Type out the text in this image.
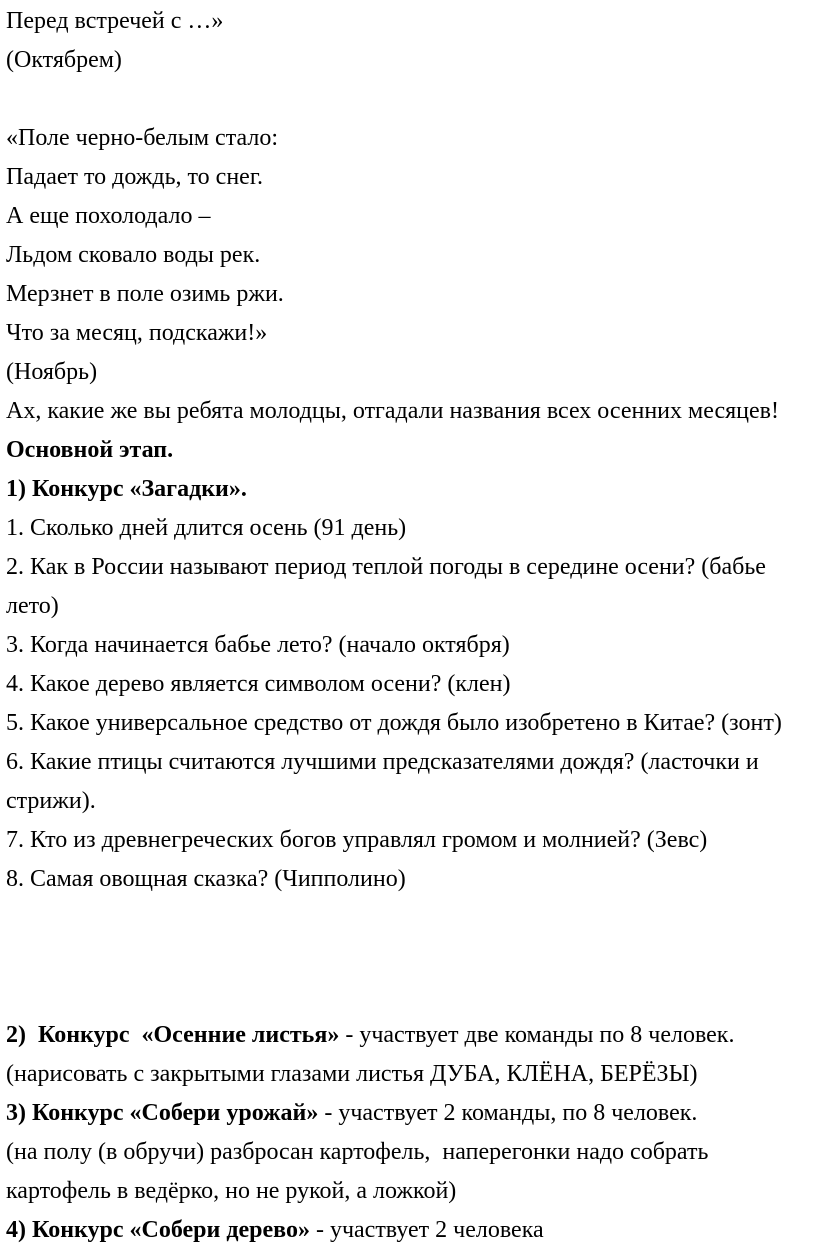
Перед встречей с …»
(Октябрем)
«Поле черно-белым стало:
Падает то дождь, то снег.
А еще похолодало –
Льдом сковало воды рек.
Мерзнет в поле озимь ржи.
Что за месяц, подскажи!»
(Ноябрь)
Ах, какие же вы ребята молодцы, отгадали названия всех осенних месяцев!
Основной этап.
1) Конкурс «Загадки».
1. Сколько дней длится осень (91 день)
2. Как в России называют период теплой погоды в середине осени? (бабье
лето)
3. Когда начинается бабье лето? (начало октября)
4. Какое дерево является символом осени? (клен)
5. Какое универсальное средство от дождя было изобретено в Китае? (зонт)
6. Какие птицы считаются лучшими предсказателями дождя? (ласточки и
стрижи).
7. Кто из древнегреческих богов управлял громом и молнией? (Зевс)
8. Самая овощная сказка? (Чипполино)
2)  Конкурс  «Осенние листья» - участвует две команды по 8 человек.
(нарисовать с закрытыми глазами листья ДУБА, КЛЁНА, БЕРЁЗЫ)
3) Конкурс «Собери урожай» - участвует 2 команды, по 8 человек.
(на полу (в обручи) разбросан картофель,  наперегонки надо собрать
картофель в ведёрко, но не рукой, а ложкой)
4) Конкурс «Собери дерево» - участвует 2 человека
